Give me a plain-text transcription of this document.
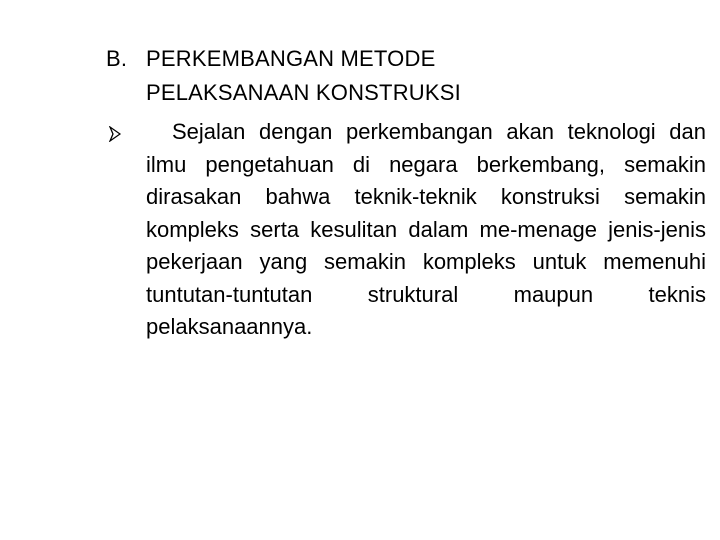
B. PERKEMBANGAN METODE
PELAKSANAAN KONSTRUKSI

Sejalan dengan perkembangan akan teknologi dan ilmu pengetahuan di negara berkembang, semakin dirasakan bahwa teknik-teknik konstruksi semakin kompleks serta kesulitan dalam me-menage jenis-jenis pekerjaan yang semakin kompleks untuk memenuhi tuntutan-tuntutan struktural maupun teknis pelaksanaannya.
